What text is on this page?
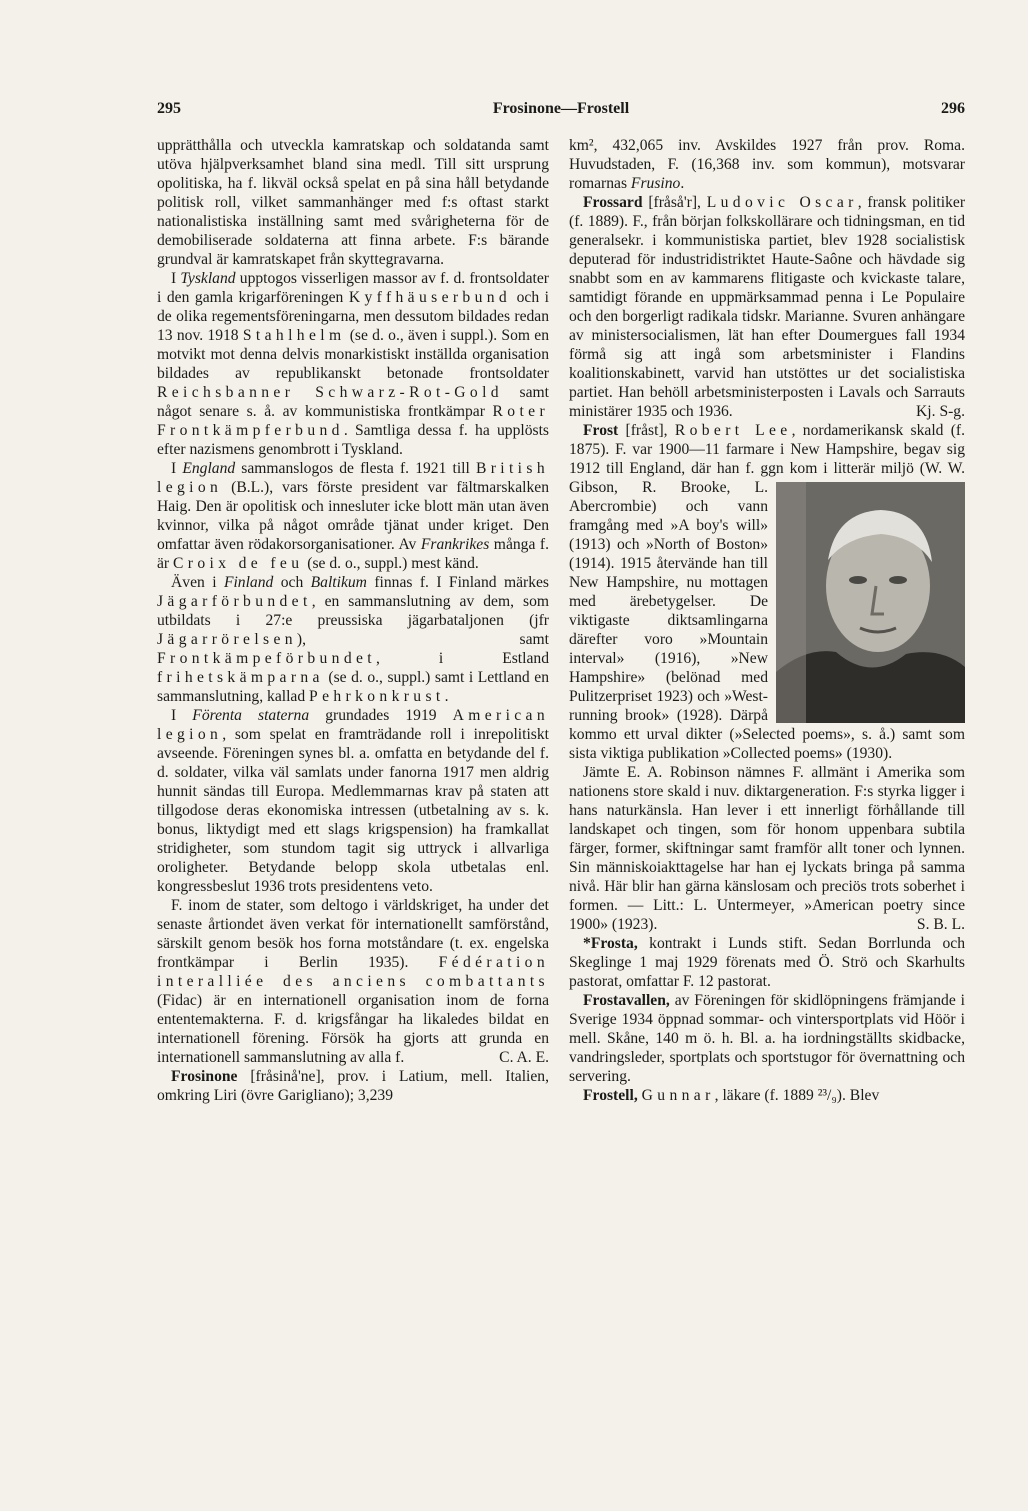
295	Frosinone—Frostell	296

upprätthålla och utveckla kamratskap och soldatanda samt utöva hjälpverksamhet bland sina medl. Till sitt ursprung opolitiska, ha f. likväl också spelat en på sina håll betydande politisk roll, vilket sammanhänger med f:s oftast starkt nationalistiska inställning samt med svårigheterna för de demobiliserade soldaterna att finna arbete. F:s bärande grundval är kamratskapet från skyttegravarna.

I Tyskland upptogos visserligen massor av f. d. frontsoldater i den gamla krigarföreningen Kyffhäuserbund och i de olika regementsföreningarna, men dessutom bildades redan 13 nov. 1918 Stahlhelm (se d. o., även i suppl.). Som en motvikt mot denna delvis monarkistiskt inställda organisation bildades av republikanskt betonade frontsoldater Reichsbanner Schwarz-Rot-Gold samt något senare s. å. av kommunistiska frontkämpar Roter Frontkämpferbund. Samtliga dessa f. ha upplösts efter nazismens genombrott i Tyskland.

I England sammanslogos de flesta f. 1921 till British legion (B.L.), vars förste president var fältmarskalken Haig. Den är opolitisk och innesluter icke blott män utan även kvinnor, vilka på något område tjänat under kriget. Den omfattar även rödakorsorganisationer. Av Frankrikes många f. är Croix de feu (se d. o., suppl.) mest känd.

Även i Finland och Baltikum finnas f. I Finland märkes Jägarförbundet, en sammanslutning av dem, som utbildats i 27:e preussiska jägarbataljonen (jfr Jägarrörelsen), samt Frontkämpeförbundet, i Estland frihetskämparna (se d. o., suppl.) samt i Lettland en sammanslutning, kallad Pehrkonkrust.

I Förenta staterna grundades 1919 American legion, som spelat en framträdande roll i inrepolitiskt avseende. Föreningen synes bl. a. omfatta en betydande del f. d. soldater, vilka väl samlats under fanorna 1917 men aldrig hunnit sändas till Europa. Medlemmarnas krav på staten att tillgodose deras ekonomiska intressen (utbetalning av s. k. bonus, liktydigt med ett slags krigspension) ha framkallat stridigheter, som stundom tagit sig uttryck i allvarliga oroligheter. Betydande belopp skola utbetalas enl. kongressbeslut 1936 trots presidentens veto.

F. inom de stater, som deltogo i världskriget, ha under det senaste årtiondet även verkat för internationellt samförstånd, särskilt genom besök hos forna motståndare (t. ex. engelska frontkämpar i Berlin 1935). Fédération interalliée des anciens combattants (Fidac) är en internationell organisation inom de forna ententemakterna. F. d. krigsfångar ha likaledes bildat en internationell förening. Försök ha gjorts att grunda en internationell sammanslutning av alla f.	C. A. E.

Frosinone [fråsinå'ne], prov. i Latium, mell. Italien, omkring Liri (övre Garigliano); 3,239

km², 432,065 inv. Avskildes 1927 från prov. Roma. Huvudstaden, F. (16,368 inv. som kommun), motsvarar romarnas Frusino.

Frossard [fråså'r], Ludovic Oscar, fransk politiker (f. 1889). F., från början folkskollärare och tidningsman, en tid generalsekr. i kommunistiska partiet, blev 1928 socialistisk deputerad för industridistriktet Haute-Saône och hävdade sig snabbt som en av kammarens flitigaste och kvickaste talare, samtidigt förande en uppmärksammad penna i Le Populaire och den borgerligt radikala tidskr. Marianne. Svuren anhängare av ministersocialismen, lät han efter Doumergues fall 1934 förmå sig att ingå som arbetsminister i Flandins koalitionskabinett, varvid han utstöttes ur det socialistiska partiet. Han behöll arbetsministerposten i Lavals och Sarrauts ministärer 1935 och 1936.	Kj. S-g.

Frost [fråst], Robert Lee, nordamerikansk skald (f. 1875). F. var 1900—11 farmare i New Hampshire, begav sig 1912 till England, där han f. ggn kom i litterär miljö
(W. W. Gibson, R. Brooke, L. Abercrombie) och vann framgång med »A boy's will» (1913) och »North of Boston» (1914). 1915 återvände han till New Hampshire, nu mottagen med ärebetygelser. De viktigaste diktsamlingarna därefter voro »Mountain interval» (1916), »New Hampshire» (belönad med Pulitzerpriset 1923) och »West-running brook» (1928). Därpå kommo ett urval dikter (»Selected poems», s. å.) samt som sista viktiga publikation »Collected poems» (1930).

Jämte E. A. Robinson nämnes F. allmänt i Amerika som nationens store skald i nuv. diktargeneration. F:s styrka ligger i hans naturkänsla. Han lever i ett innerligt förhållande till landskapet och tingen, som för honom uppenbara subtila färger, former, skiftningar samt framför allt toner och lynnen. Sin människoiakttagelse har han ej lyckats bringa på samma nivå. Här blir han gärna känslosam och preciös trots soberhet i formen. — Litt.: L. Untermeyer, »American poetry since 1900» (1923).	S. B. L.

*Frosta, kontrakt i Lunds stift. Sedan Borrlunda och Skeglinge 1 maj 1929 förenats med Ö. Strö och Skarhults pastorat, omfattar F. 12 pastorat.

Frostavallen, av Föreningen för skidlöpningens främjande i Sverige 1934 öppnad sommar- och vintersportplats vid Höör i mell. Skåne, 140 m ö. h. Bl. a. ha iordningställts skidbacke, vandringsleder, sportplats och sportstugor för övernattning och servering.

Frostell, Gunnar, läkare (f. 1889 ²³/₉). Blev
